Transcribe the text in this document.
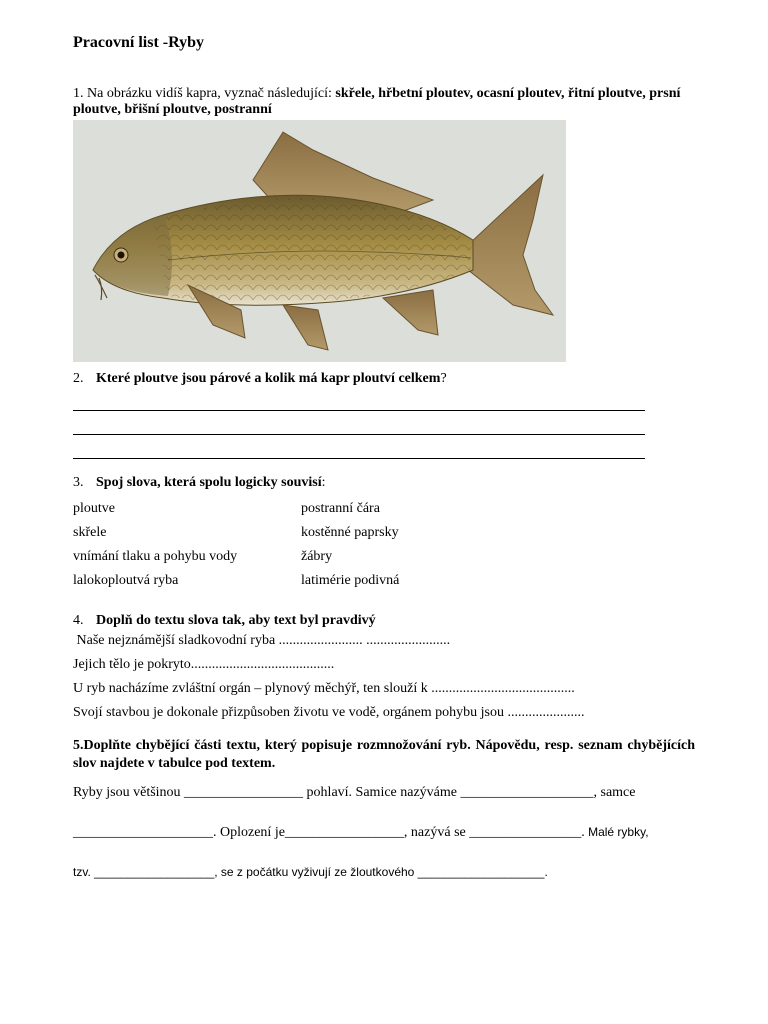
Pracovní list -Ryby
1. Na obrázku vidíš kapra, vyznač následující: skřele, hřbetní ploutev, ocasní ploutev, řitní ploutve, prsní ploutve, břišní ploutve, postranní
2. Které ploutve jsou párové a kolik má kapr ploutví celkem?
3. Spoj slova, která spolu logicky souvisí:
ploutve	postranní čára
skřele	kostěnné paprsky
vnímání tlaku a pohybu vody	žábry
lalokoploutvá ryba	latimérie podivná
4. Doplň do textu slova tak, aby text byl pravdivý
Naše nejznámější sladkovodní ryba ........................ ........................
Jejich tělo je pokryto.........................................
U ryb nacházíme zvláštní orgán – plynový měchýř, ten slouží k .........................................
Svojí stavbou je dokonale přizpůsoben životu ve vodě, orgánem pohybu jsou ......................
5.Doplňte chybějící části textu, který popisuje rozmnožování ryb. Nápovědu, resp. seznam chybějících slov najdete v tabulce pod textem.
Ryby jsou většinou _________________ pohlaví. Samice nazýváme ___________________, samce
____________________. Oplození je_________________, nazývá se ________________. Malé rybky,
tzv. __________________, se z počátku vyživují ze žloutkového ___________________.
